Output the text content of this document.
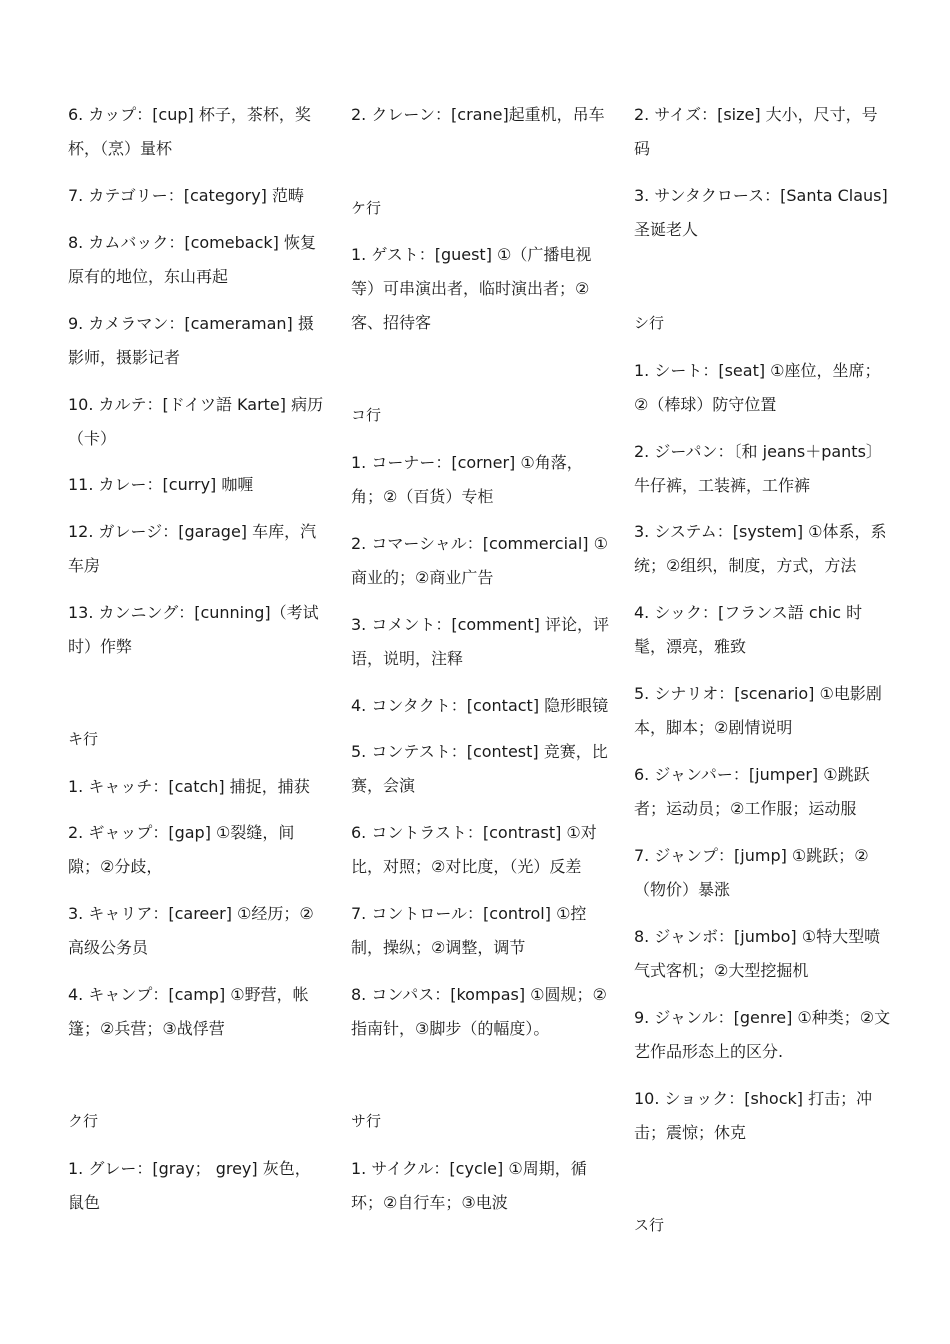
6. カップ：[cup] 杯子，茶杯，奖杯，（烹）量杯
7. カテゴリー：[category] 范畴
8. カムバック：[comeback] 恢复原有的地位，东山再起
9. カメラマン：[cameraman] 摄影师，摄影记者
10. カルテ：[ドイツ語 Karte] 病历（卡）
11. カレー：[curry] 咖喱
12. ガレージ：[garage] 车库，汽车房
13. カンニング：[cunning]（考试时）作弊
キ行
1. キャッチ：[catch] 捕捉，捕获
2. ギャップ：[gap] ①裂缝，间隙；②分歧，
3. キャリア：[career] ①经历；②高级公务员
4. キャンプ：[camp] ①野营，帐篷；②兵营；③战俘营
ク行
1. グレー：[gray； grey] 灰色，鼠色
2. クレーン：[crane]起重机，吊车
ケ行
1. ゲスト：[guest] ①（广播电视等）可串演出者，临时演出者；②客、招待客
コ行
1. コーナー：[corner] ①角落，角；②（百货）专柜
2. コマーシャル：[commercial] ①商业的；②商业广告
3. コメント：[comment] 评论，评语，说明，注释
4. コンタクト：[contact] 隐形眼镜
5. コンテスト：[contest] 竞赛，比赛，会演
6. コントラスト：[contrast] ①对比，对照；②对比度，（光）反差
7. コントロール：[control] ①控制，操纵；②调整，调节
8. コンパス：[kompas] ①圆规；②指南针，③脚步（的幅度）。
サ行
1. サイクル：[cycle] ①周期，循环；②自行车；③电波
2. サイズ：[size] 大小，尺寸，号码
3. サンタクロース：[Santa Claus] 圣诞老人
シ行
1. シート：[seat] ①座位，坐席；②（棒球）防守位置
2. ジーパン：〔和 jeans＋pants〕牛仔裤，工装裤，工作裤
3. システム：[system] ①体系，系统；②组织，制度，方式，方法
4. シック：[フランス語 chic 时髦，漂亮，雅致
5. シナリオ：[scenario] ①电影剧本，脚本；②剧情说明
6. ジャンパー：[jumper] ①跳跃者；运动员；②工作服；运动服
7. ジャンプ：[jump] ①跳跃；②（物价）暴涨
8. ジャンボ：[jumbo] ①特大型喷气式客机；②大型挖掘机
9. ジャンル：[genre] ①种类；②文艺作品形态上的区分.
10. ショック：[shock] 打击；冲击；震惊；休克
ス行
